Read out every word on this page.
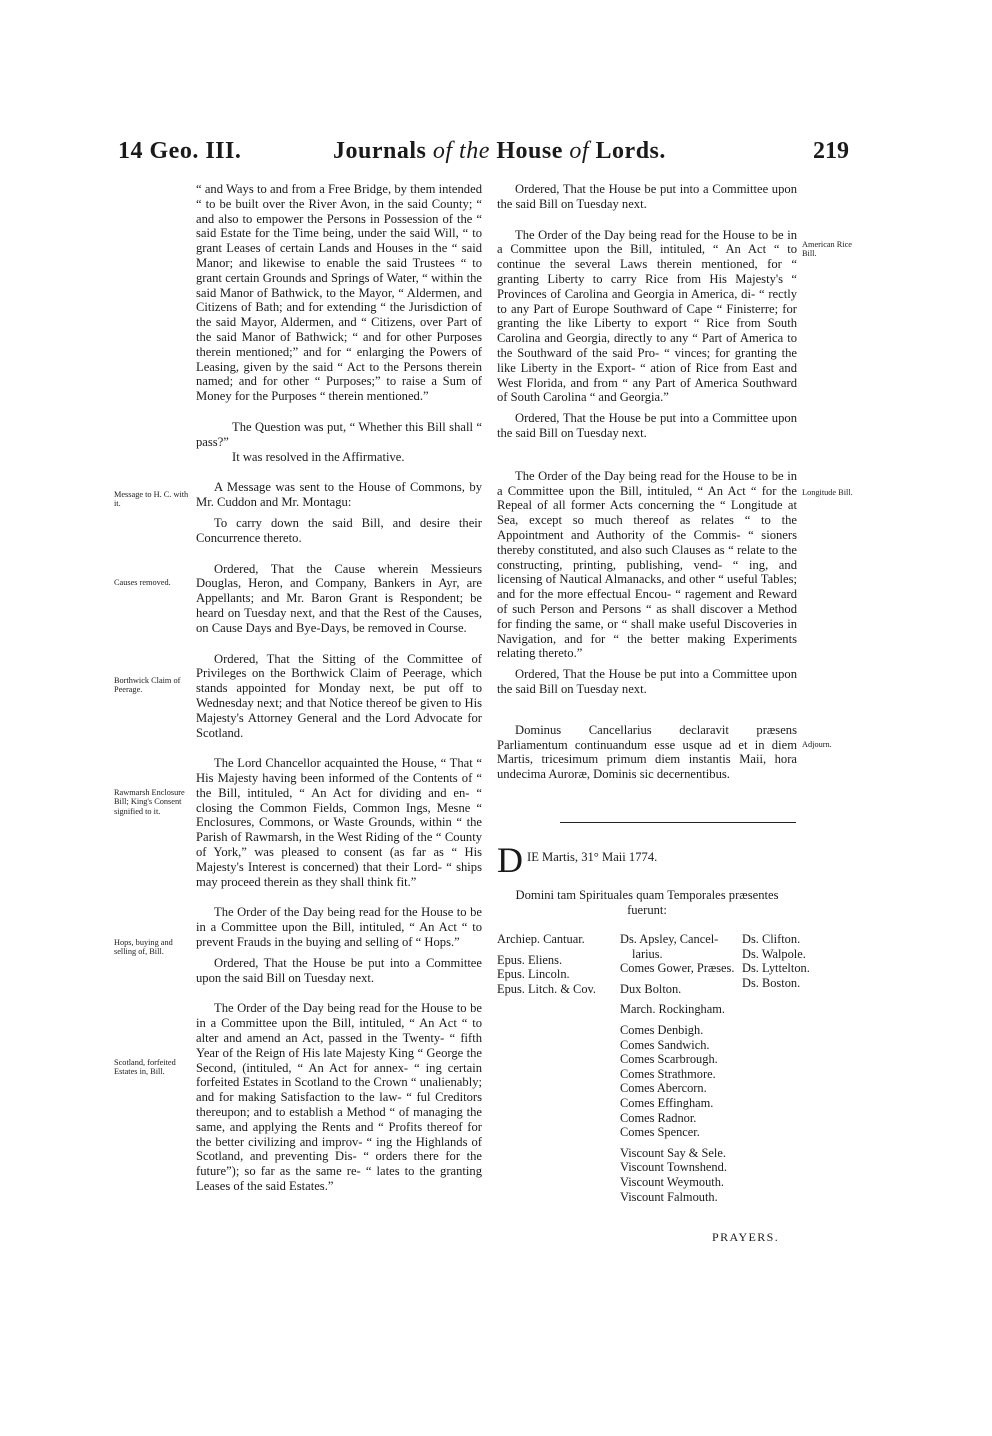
14 Geo. III.	Journals of the House of Lords.	219

“ and Ways to and from a Free Bridge, by them intended “ to be built over the River Avon, in the said County; “ and also to empower the Persons in Possession of the “ said Estate for the Time being, under the said Will, “ to grant Leases of certain Lands and Houses in the “ said Manor; and likewise to enable the said Trustees “ to grant certain Grounds and Springs of Water, “ within the said Manor of Bathwick, to the Mayor, “ Aldermen, and Citizens of Bath; and for extending “ the Jurisdiction of the said Mayor, Aldermen, and “ Citizens, over Part of the said Manor of Bathwick; “ and for other Purposes therein mentioned;” and for “ enlarging the Powers of Leasing, given by the said “ Act to the Persons therein named; and for other “ Purposes;” to raise a Sum of Money for the Purposes “ therein mentioned.”

The Question was put, “ Whether this Bill shall “ pass?”

It was resolved in the Affirmative.

A Message was sent to the House of Commons, by Mr. Cuddon and Mr. Montagu:

To carry down the said Bill, and desire their Concurrence thereto.

Ordered, That the Cause wherein Messieurs Douglas, Heron, and Company, Bankers in Ayr, are Appellants; and Mr. Baron Grant is Respondent; be heard on Tuesday next, and that the Rest of the Causes, on Cause Days and Bye-Days, be removed in Course.

Ordered, That the Sitting of the Committee of Privileges on the Borthwick Claim of Peerage, which stands appointed for Monday next, be put off to Wednesday next; and that Notice thereof be given to His Majesty's Attorney General and the Lord Advocate for Scotland.

The Lord Chancellor acquainted the House, “ That “ His Majesty having been informed of the Contents of “ the Bill, intituled, “ An Act for dividing and en- “ closing the Common Fields, Common Ings, Mesne “ Enclosures, Commons, or Waste Grounds, within “ the Parish of Rawmarsh, in the West Riding of the “ County of York,” was pleased to consent (as far as “ His Majesty's Interest is concerned) that their Lord- “ ships may proceed therein as they shall think fit.”

The Order of the Day being read for the House to be in a Committee upon the Bill, intituled, “ An Act “ to prevent Frauds in the buying and selling of “ Hops.”

Ordered, That the House be put into a Committee upon the said Bill on Tuesday next.

The Order of the Day being read for the House to be in a Committee upon the Bill, intituled, “ An Act “ to alter and amend an Act, passed in the Twenty- “ fifth Year of the Reign of His late Majesty King “ George the Second, (intituled, “ An Act for annex- “ ing certain forfeited Estates in Scotland to the Crown “ unalienably; and for making Satisfaction to the law- “ ful Creditors thereupon; and to establish a Method “ of managing the same, and applying the Rents and “ Profits thereof for the better civilizing and improv- “ ing the Highlands of Scotland, and preventing Dis- “ orders there for the future”); so far as the same re- “ lates to the granting Leases of the said Estates.”

Message to H. C. with it.
Causes removed.
Borthwick Claim of Peerage.
Rawmarsh Enclosure Bill; King's Consent signified to it.
Hops, buying and selling of, Bill.
Scotland, forfeited Estates in, Bill.

Ordered, That the House be put into a Committee upon the said Bill on Tuesday next.

The Order of the Day being read for the House to be in a Committee upon the Bill, intituled, “ An Act “ to continue the several Laws therein mentioned, for “ granting Liberty to carry Rice from His Majesty's “ Provinces of Carolina and Georgia in America, di- “ rectly to any Part of Europe Southward of Cape “ Finisterre; for granting the like Liberty to export “ Rice from South Carolina and Georgia, directly to any “ Part of America to the Southward of the said Pro- “ vinces; for granting the like Liberty in the Export- “ ation of Rice from East and West Florida, and from “ any Part of America Southward of South Carolina “ and Georgia.”

Ordered, That the House be put into a Committee upon the said Bill on Tuesday next.

The Order of the Day being read for the House to be in a Committee upon the Bill, intituled, “ An Act “ for the Repeal of all former Acts concerning the “ Longitude at Sea, except so much thereof as relates “ to the Appointment and Authority of the Commis- “ sioners thereby constituted, and also such Clauses as “ relate to the constructing, printing, publishing, vend- “ ing, and licensing of Nautical Almanacks, and other “ useful Tables; and for the more effectual Encou- “ ragement and Reward of such Person and Persons “ as shall discover a Method for finding the same, or “ shall make useful Discoveries in Navigation, and for “ the better making Experiments relating thereto.”

Ordered, That the House be put into a Committee upon the said Bill on Tuesday next.

Dominus Cancellarius declaravit præsens Parliamentum continuandum esse usque ad et in diem Martis, tricesimum primum diem instantis Maii, hora undecima Auroræ, Dominis sic decernentibus.

American Rice Bill.
Longitude Bill.
Adjourn.
D IE Martis, 31° Maii 1774.
Domini tam Spirituales quam Temporales præsentes fuerunt:
Archiep. Cantuar.
Epus. Eliens.
Epus. Lincoln.
Epus. Litch. & Cov.
Ds. Apsley, Cancel-
larius.
Comes Gower, Præses.
Dux Bolton.
March. Rockingham.
Comes Denbigh.
Comes Sandwich.
Comes Scarbrough.
Comes Strathmore.
Comes Abercorn.
Comes Effingham.
Comes Radnor.
Comes Spencer.
Viscount Say & Sele.
Viscount Townshend.
Viscount Weymouth.
Viscount Falmouth.
Ds. Clifton.
Ds. Walpole.
Ds. Lyttelton.
Ds. Boston.
PRAYERS.
